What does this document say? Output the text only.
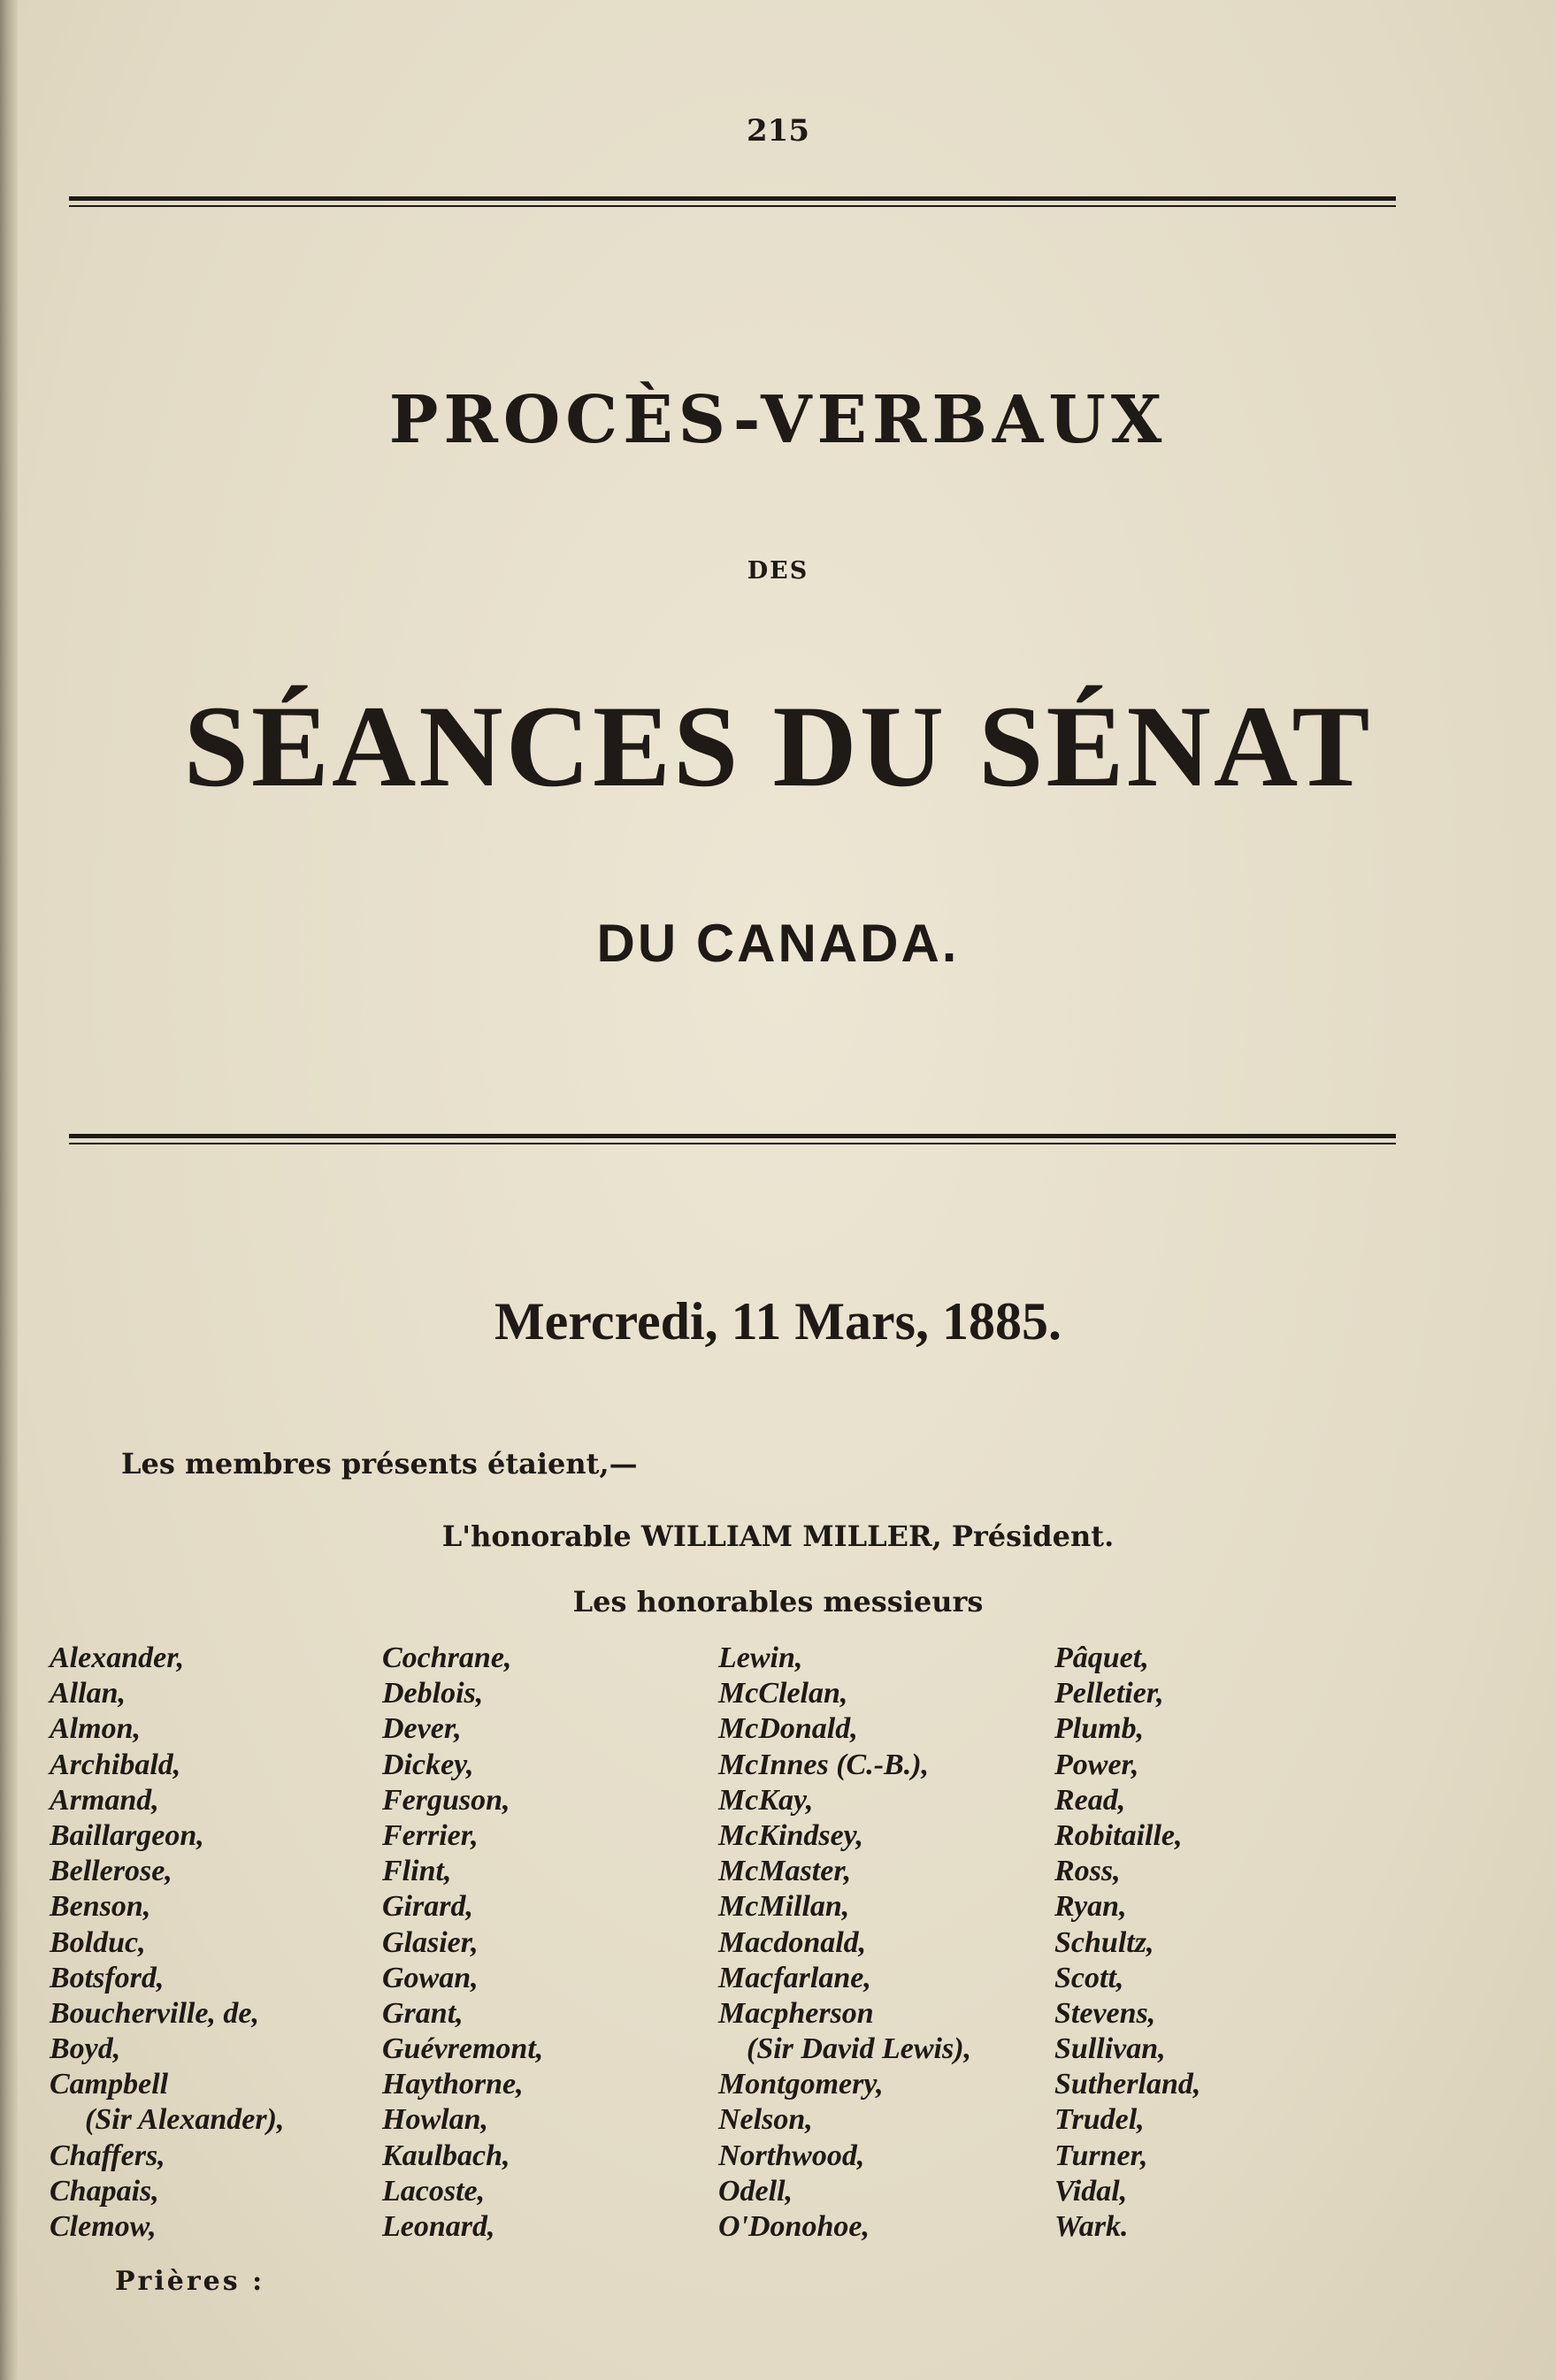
215
PROCÈS-VERBAUX
DES
SÉANCES DU SÉNAT
DU CANADA.
Mercredi, 11 Mars, 1885.
Les membres présents étaient,—
L'honorable WILLIAM MILLER, Président.
Les honorables messieurs
Alexander,
Allan,
Almon,
Archibald,
Armand,
Baillargeon,
Bellerose,
Benson,
Bolduc,
Botsford,
Boucherville, de,
Boyd,
Campbell
(Sir Alexander),
Chaffers,
Chapais,
Clemow,
Cochrane,
Deblois,
Dever,
Dickey,
Ferguson,
Ferrier,
Flint,
Girard,
Glasier,
Gowan,
Grant,
Guévremont,
Haythorne,
Howlan,
Kaulbach,
Lacoste,
Leonard,
Lewin,
McClelan,
McDonald,
McInnes (C.-B.),
McKay,
McKindsey,
McMaster,
McMillan,
Macdonald,
Macfarlane,
Macpherson
(Sir David Lewis),
Montgomery,
Nelson,
Northwood,
Odell,
O'Donohoe,
Pâquet,
Pelletier,
Plumb,
Power,
Read,
Robitaille,
Ross,
Ryan,
Schultz,
Scott,
Stevens,
Sullivan,
Sutherland,
Trudel,
Turner,
Vidal,
Wark.
Prières :
